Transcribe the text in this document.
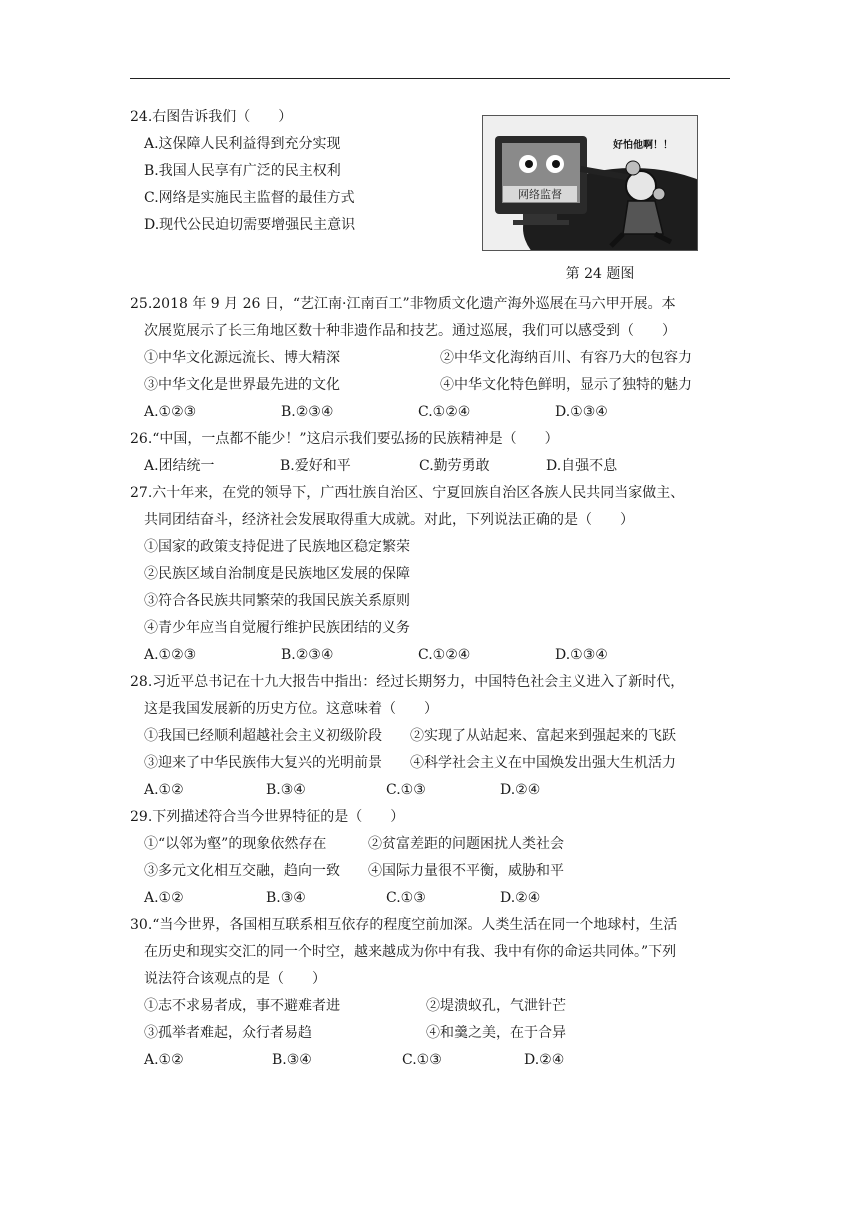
网络监督
好怕他啊！！
第 24 题图
24.右图告诉我们（　　）
A.这保障人民利益得到充分实现
B.我国人民享有广泛的民主权利
C.网络是实施民主监督的最佳方式
D.现代公民迫切需要增强民主意识
25.2018 年 9 月 26 日，“艺江南·江南百工”非物质文化遗产海外巡展在马六甲开展。本
次展览展示了长三角地区数十种非遗作品和技艺。通过巡展，我们可以感受到（　　）
①中华文化源远流长、博大精深	②中华文化海纳百川、有容乃大的包容力
③中华文化是世界最先进的文化	④中华文化特色鲜明，显示了独特的魅力
A.①②③	B.②③④	C.①②④	D.①③④
26.“中国，一点都不能少！”这启示我们要弘扬的民族精神是（　　）
A.团结统一	B.爱好和平	C.勤劳勇敢	D.自强不息
27.六十年来，在党的领导下，广西壮族自治区、宁夏回族自治区各族人民共同当家做主、
共同团结奋斗，经济社会发展取得重大成就。对此，下列说法正确的是（　　）
①国家的政策支持促进了民族地区稳定繁荣
②民族区域自治制度是民族地区发展的保障
③符合各民族共同繁荣的我国民族关系原则
④青少年应当自觉履行维护民族团结的义务
A.①②③	B.②③④	C.①②④	D.①③④
28.习近平总书记在十九大报告中指出：经过长期努力，中国特色社会主义进入了新时代，
这是我国发展新的历史方位。这意味着（　　）
①我国已经顺利超越社会主义初级阶段	②实现了从站起来、富起来到强起来的飞跃
③迎来了中华民族伟大复兴的光明前景	④科学社会主义在中国焕发出强大生机活力
A.①②	B.③④	C.①③	D.②④
29.下列描述符合当今世界特征的是（　　）
①“以邻为壑”的现象依然存在	②贫富差距的问题困扰人类社会
③多元文化相互交融，趋向一致	④国际力量很不平衡，威胁和平
A.①②	B.③④	C.①③	D.②④
30.“当今世界，各国相互联系相互依存的程度空前加深。人类生活在同一个地球村，生活
在历史和现实交汇的同一个时空，越来越成为你中有我、我中有你的命运共同体。”下列
说法符合该观点的是（　　）
①志不求易者成，事不避难者进	②堤溃蚁孔，气泄针芒
③孤举者难起，众行者易趋	④和羹之美，在于合异
A.①②	B.③④	C.①③	D.②④
